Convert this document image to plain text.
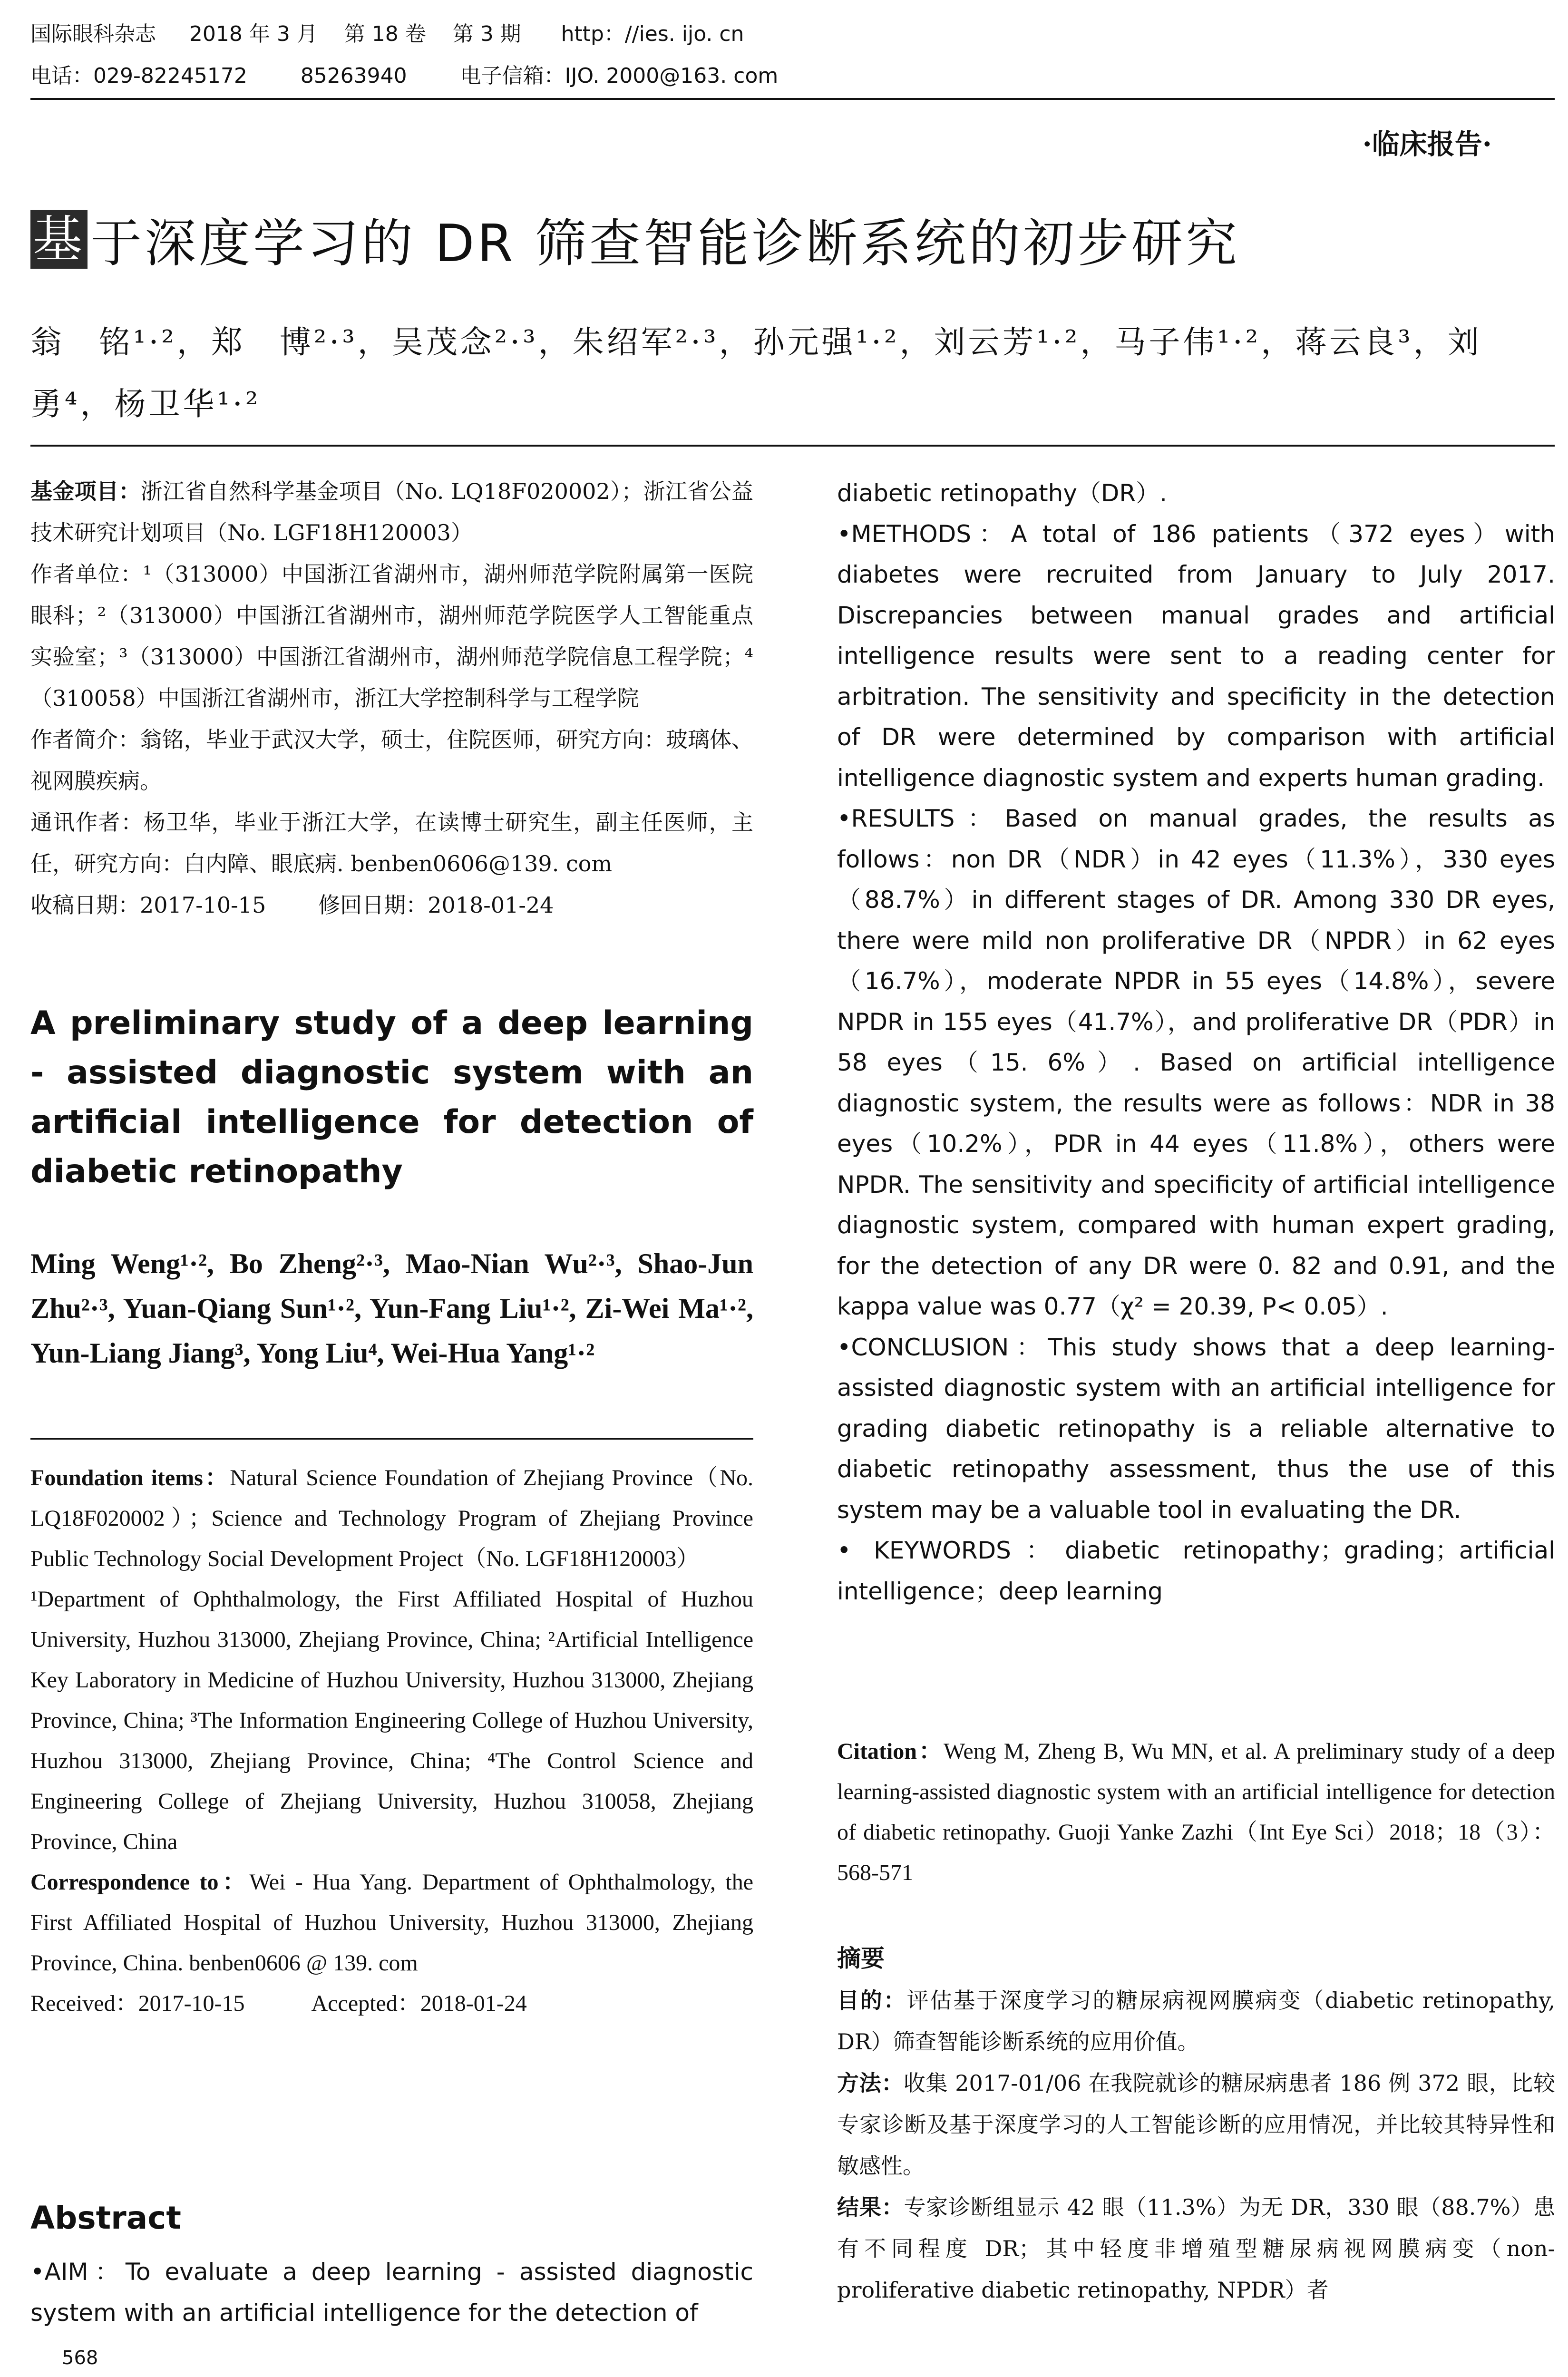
国际眼科杂志     2018 年 3 月    第 18 卷    第 3 期      http：//ies. ijo. cn
电话：029-82245172        85263940        电子信箱：IJO. 2000@163. com
·临床报告·
基 于深度学习的 DR 筛查智能诊断系统的初步研究
翁　铭¹·²，郑　博²·³，吴茂念²·³，朱绍军²·³，孙元强¹·²，刘云芳¹·²，马子伟¹·²，蒋云良³，刘　勇⁴，杨卫华¹·²

基金项目：浙江省自然科学基金项目（No. LQ18F020002）；浙江省公益技术研究计划项目（No. LGF18H120003）

作者单位：¹（313000）中国浙江省湖州市，湖州师范学院附属第一医院眼科；²（313000）中国浙江省湖州市，湖州师范学院医学人工智能重点实验室；³（313000）中国浙江省湖州市，湖州师范学院信息工程学院；⁴（310058）中国浙江省湖州市，浙江大学控制科学与工程学院

作者简介：翁铭，毕业于武汉大学，硕士，住院医师，研究方向：玻璃体、视网膜疾病。

通讯作者：杨卫华，毕业于浙江大学，在读博士研究生，副主任医师，主任，研究方向：白内障、眼底病. benben0606@139. com

收稿日期：2017-10-15 修回日期：2018-01-24

A preliminary study of a deep learning - assisted diagnostic system with an artificial intelligence for detection of diabetic retinopathy
Ming Weng¹·², Bo Zheng²·³, Mao-Nian Wu²·³, Shao-Jun Zhu²·³, Yuan-Qiang Sun¹·², Yun-Fang Liu¹·², Zi-Wei Ma¹·², Yun-Liang Jiang³, Yong Liu⁴, Wei-Hua Yang¹·²

Foundation items：Natural Science Foundation of Zhejiang Province（No. LQ18F020002）；Science and Technology Program of Zhejiang Province Public Technology Social Development Project（No. LGF18H120003）

¹Department of Ophthalmology, the First Affiliated Hospital of Huzhou University, Huzhou 313000, Zhejiang Province, China; ²Artificial Intelligence Key Laboratory in Medicine of Huzhou University, Huzhou 313000, Zhejiang Province, China; ³The Information Engineering College of Huzhou University, Huzhou 313000, Zhejiang Province, China; ⁴The Control Science and Engineering College of Zhejiang University, Huzhou 310058, Zhejiang Province, China

Correspondence to：Wei - Hua Yang. Department of Ophthalmology, the First Affiliated Hospital of Huzhou University, Huzhou 313000, Zhejiang Province, China. benben0606 @ 139. com

Received：2017-10-15	Accepted：2018-01-24

Abstract

•AIM：To evaluate a deep learning - assisted diagnostic system with an artificial intelligence for the detection of

568

diabetic retinopathy（DR）.

•METHODS：A total of 186 patients（372 eyes）with diabetes were recruited from January to July 2017. Discrepancies between manual grades and artificial intelligence results were sent to a reading center for arbitration. The sensitivity and specificity in the detection of DR were determined by comparison with artificial intelligence diagnostic system and experts human grading.

•RESULTS：Based on manual grades, the results as follows：non DR（NDR）in 42 eyes（11.3%），330 eyes（88.7%）in different stages of DR. Among 330 DR eyes, there were mild non proliferative DR（NPDR）in 62 eyes（16.7%），moderate NPDR in 55 eyes（14.8%），severe NPDR in 155 eyes（41.7%），and proliferative DR（PDR）in 58 eyes（15. 6%）. Based on artificial intelligence diagnostic system, the results were as follows：NDR in 38 eyes（10.2%），PDR in 44 eyes（11.8%），others were NPDR. The sensitivity and specificity of artificial intelligence diagnostic system, compared with human expert grading, for the detection of any DR were 0. 82 and 0.91, and the kappa value was 0.77（χ² = 20.39, P< 0.05）.

•CONCLUSION：This study shows that a deep learning-assisted diagnostic system with an artificial intelligence for grading diabetic retinopathy is a reliable alternative to diabetic retinopathy assessment, thus the use of this system may be a valuable tool in evaluating the DR.

• KEYWORDS：diabetic retinopathy；grading；artificial intelligence；deep learning

Citation：Weng M, Zheng B, Wu MN, et al. A preliminary study of a deep learning-assisted diagnostic system with an artificial intelligence for detection of diabetic retinopathy. Guoji Yanke Zazhi（Int Eye Sci）2018；18（3）：568-571

摘要

目的：评估基于深度学习的糖尿病视网膜病变（diabetic retinopathy, DR）筛查智能诊断系统的应用价值。

方法：收集 2017-01/06 在我院就诊的糖尿病患者 186 例 372 眼，比较专家诊断及基于深度学习的人工智能诊断的应用情况，并比较其特异性和敏感性。

结果：专家诊断组显示 42 眼（11.3%）为无 DR，330 眼（88.7%）患有不同程度 DR；其中轻度非增殖型糖尿病视网膜病变（non-proliferative diabetic retinopathy, NPDR）者
